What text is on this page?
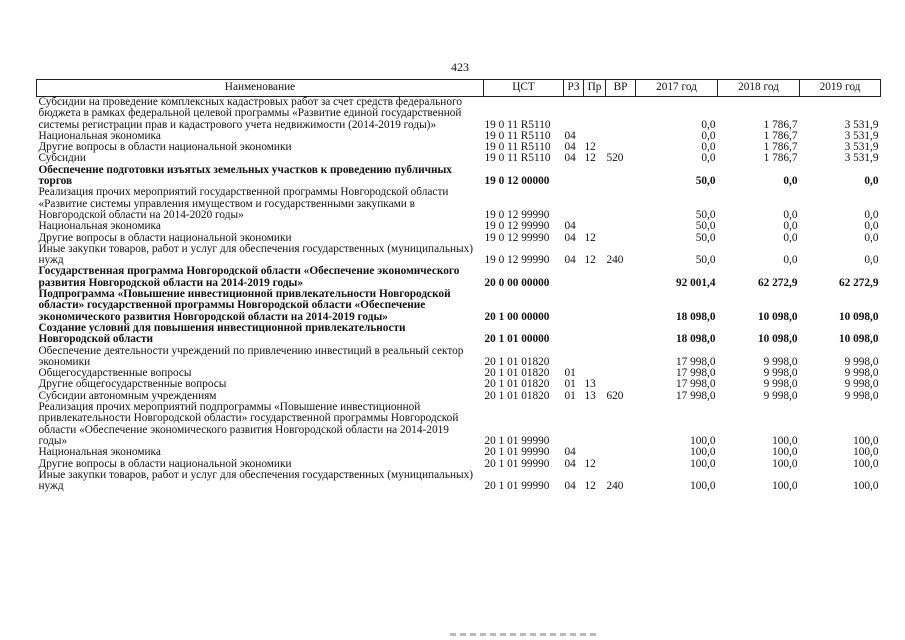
423
Наименование	ЦСТ	РЗ	Пр	ВР	2017 год	2018 год	2019 год
Субсидии на проведение комплексных кадастровых работ за счет средств федерального бюджета в рамках федеральной целевой программы «Развитие единой государственной системы регистрации прав и кадастрового учета недвижимости (2014-2019 годы)»	19 0 11 R5110				0,0	1 786,7	3 531,9
Национальная экономика	19 0 11 R5110	04			0,0	1 786,7	3 531,9
Другие вопросы в области национальной экономики	19 0 11 R5110	04	12		0,0	1 786,7	3 531,9
Субсидии	19 0 11 R5110	04	12	520	0,0	1 786,7	3 531,9
Обеспечение подготовки изъятых земельных участков к проведению публичных торгов	19 0 12 00000				50,0	0,0	0,0
Реализация прочих мероприятий государственной программы Новгородской области «Развитие системы управления имуществом и государственными закупками в Новгородской области на 2014-2020 годы»	19 0 12 99990				50,0	0,0	0,0
Национальная экономика	19 0 12 99990	04			50,0	0,0	0,0
Другие вопросы в области национальной экономики	19 0 12 99990	04	12		50,0	0,0	0,0
Иные закупки товаров, работ и услуг для обеспечения государственных (муниципальных) нужд	19 0 12 99990	04	12	240	50,0	0,0	0,0
Государственная программа Новгородской области «Обеспечение экономического развития Новгородской области на 2014-2019 годы»	20 0 00 00000				92 001,4	62 272,9	62 272,9
Подпрограмма «Повышение инвестиционной привлекательности Новгородской области» государственной программы Новгородской области «Обеспечение экономического развития Новгородской области на 2014-2019 годы»	20 1 00 00000				18 098,0	10 098,0	10 098,0
Создание условий для повышения инвестиционной привлекательности Новгородской области	20 1 01 00000				18 098,0	10 098,0	10 098,0
Обеспечение деятельности учреждений по привлечению инвестиций в реальный сектор экономики	20 1 01 01820				17 998,0	9 998,0	9 998,0
Общегосударственные вопросы	20 1 01 01820	01			17 998,0	9 998,0	9 998,0
Другие общегосударственные вопросы	20 1 01 01820	01	13		17 998,0	9 998,0	9 998,0
Субсидии автономным учреждениям	20 1 01 01820	01	13	620	17 998,0	9 998,0	9 998,0
Реализация прочих мероприятий подпрограммы «Повышение инвестиционной привлекательности Новгородской области» государственной программы Новгородской области «Обеспечение экономического развития Новгородской области на 2014-2019 годы»	20 1 01 99990				100,0	100,0	100,0
Национальная экономика	20 1 01 99990	04			100,0	100,0	100,0
Другие вопросы в области национальной экономики	20 1 01 99990	04	12		100,0	100,0	100,0
Иные закупки товаров, работ и услуг для обеспечения государственных (муниципальных) нужд	20 1 01 99990	04	12	240	100,0	100,0	100,0
